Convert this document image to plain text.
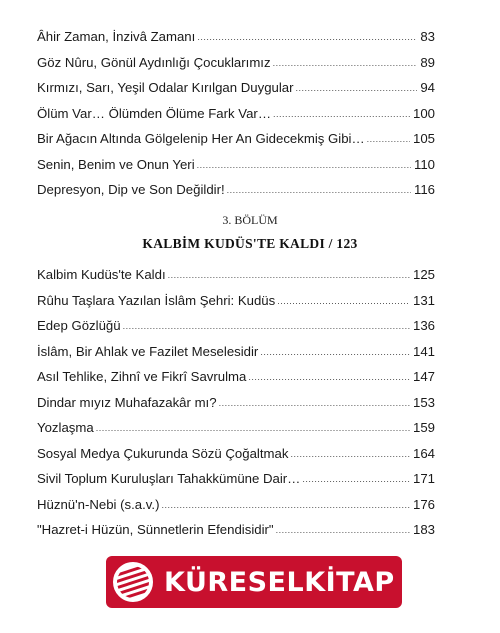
Âhir Zaman, İnzivâ Zamanı .....	83
Göz Nûru, Gönül Aydınlığı Çocuklarımız .....	89
Kırmızı, Sarı, Yeşil Odalar Kırılgan Duygular .....	94
Ölüm Var… Ölümden Ölüme Fark Var… .....	100
Bir Ağacın Altında Gölgelenip Her An Gidecekmiş Gibi… .....	105
Senin, Benim ve Onun Yeri .....	110
Depresyon, Dip ve Son Değildir! .....	116
3. BÖLÜM
KALBİM KUDÜS'TE KALDI / 123
Kalbim Kudüs'te Kaldı .....	125
Rûhu Taşlara Yazılan İslâm Şehri: Kudüs .....	131
Edep Gözlüğü .....	136
İslâm, Bir Ahlak ve Fazilet Meselesidir .....	141
Asıl Tehlike, Zihnî ve Fikrî Savrulma .....	147
Dindar mıyız Muhafazakâr mı? .....	153
Yozlaşma .....	159
Sosyal Medya Çukurunda Sözü Çoğaltmak .....	164
Sivil Toplum Kuruluşları Tahakkümüne Dair… .....	171
Hüznü'n-Nebi (s.a.v.) .....	176
"Hazret-i Hüzün, Sünnetlerin Efendisidir" .....	183
KÜRESELKİTAP
